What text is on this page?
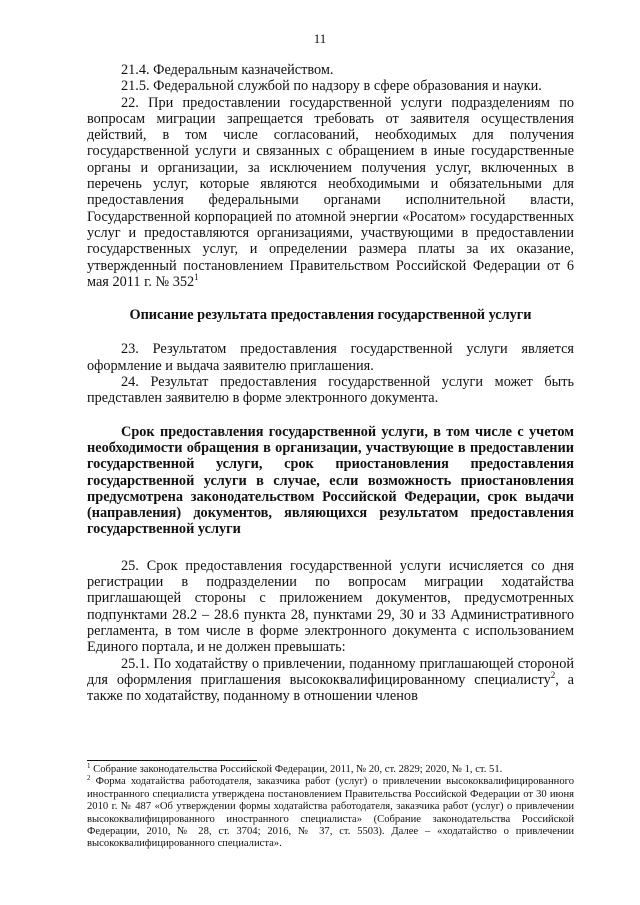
11

21.4. Федеральным казначейством.

21.5. Федеральной службой по надзору в сфере образования и науки.

22. При предоставлении государственной услуги подразделениям по вопросам миграции запрещается требовать от заявителя осуществления действий, в том числе согласований, необходимых для получения государственной услуги и связанных с обращением в иные государственные органы и организации, за исключением получения услуг, включенных в перечень услуг, которые являются необходимыми и обязательными для предоставления федеральными органами исполнительной власти, Государственной корпорацией по атомной энергии «Росатом» государственных услуг и предоставляются организациями, участвующими в предоставлении государственных услуг, и определении размера платы за их оказание, утвержденный постановлением Правительством Российской Федерации от 6 мая 2011 г. № $352^1$

Описание результата предоставления государственной услуги

23. Результатом предоставления государственной услуги является оформление и выдача заявителю приглашения.

24. Результат предоставления государственной услуги может быть представлен заявителю в форме электронного документа.

Срок предоставления государственной услуги, в том числе с учетом необходимости обращения в организации, участвующие в предоставлении государственной услуги, срок приостановления предоставления государственной услуги в случае, если возможность приостановления предусмотрена законодательством Российской Федерации, срок выдачи (направления) документов, являющихся результатом предоставления государственной услуги

25. Срок предоставления государственной услуги исчисляется со дня регистрации в подразделении по вопросам миграции ходатайства приглашающей стороны с приложением документов, предусмотренных подпунктами 28.2 – 28.6 пункта 28, пунктами 29, 30 и 33 Административного регламента, в том числе в форме электронного документа с использованием Единого портала, и не должен превышать:

25.1. По ходатайству о привлечении, поданному приглашающей стороной для оформления приглашения высококвалифицированному специалисту$^2$, а также по ходатайству, поданному в отношении членов

$^1$ Собрание законодательства Российской Федерации, 2011, № 20, ст. 2829; 2020, № 1, ст. 51.

$^2$ Форма ходатайства работодателя, заказчика работ (услуг) о привлечении высококвалифицированного иностранного специалиста утверждена постановлением Правительства Российской Федерации от 30 июня 2010 г. № 487 «Об утверждении формы ходатайства работодателя, заказчика работ (услуг) о привлечении высококвалифицированного иностранного специалиста» (Собрание законодательства Российской Федерации, 2010, № 28, ст. 3704; 2016, № 37, ст. 5503). Далее – «ходатайство о привлечении высококвалифицированного специалиста».
